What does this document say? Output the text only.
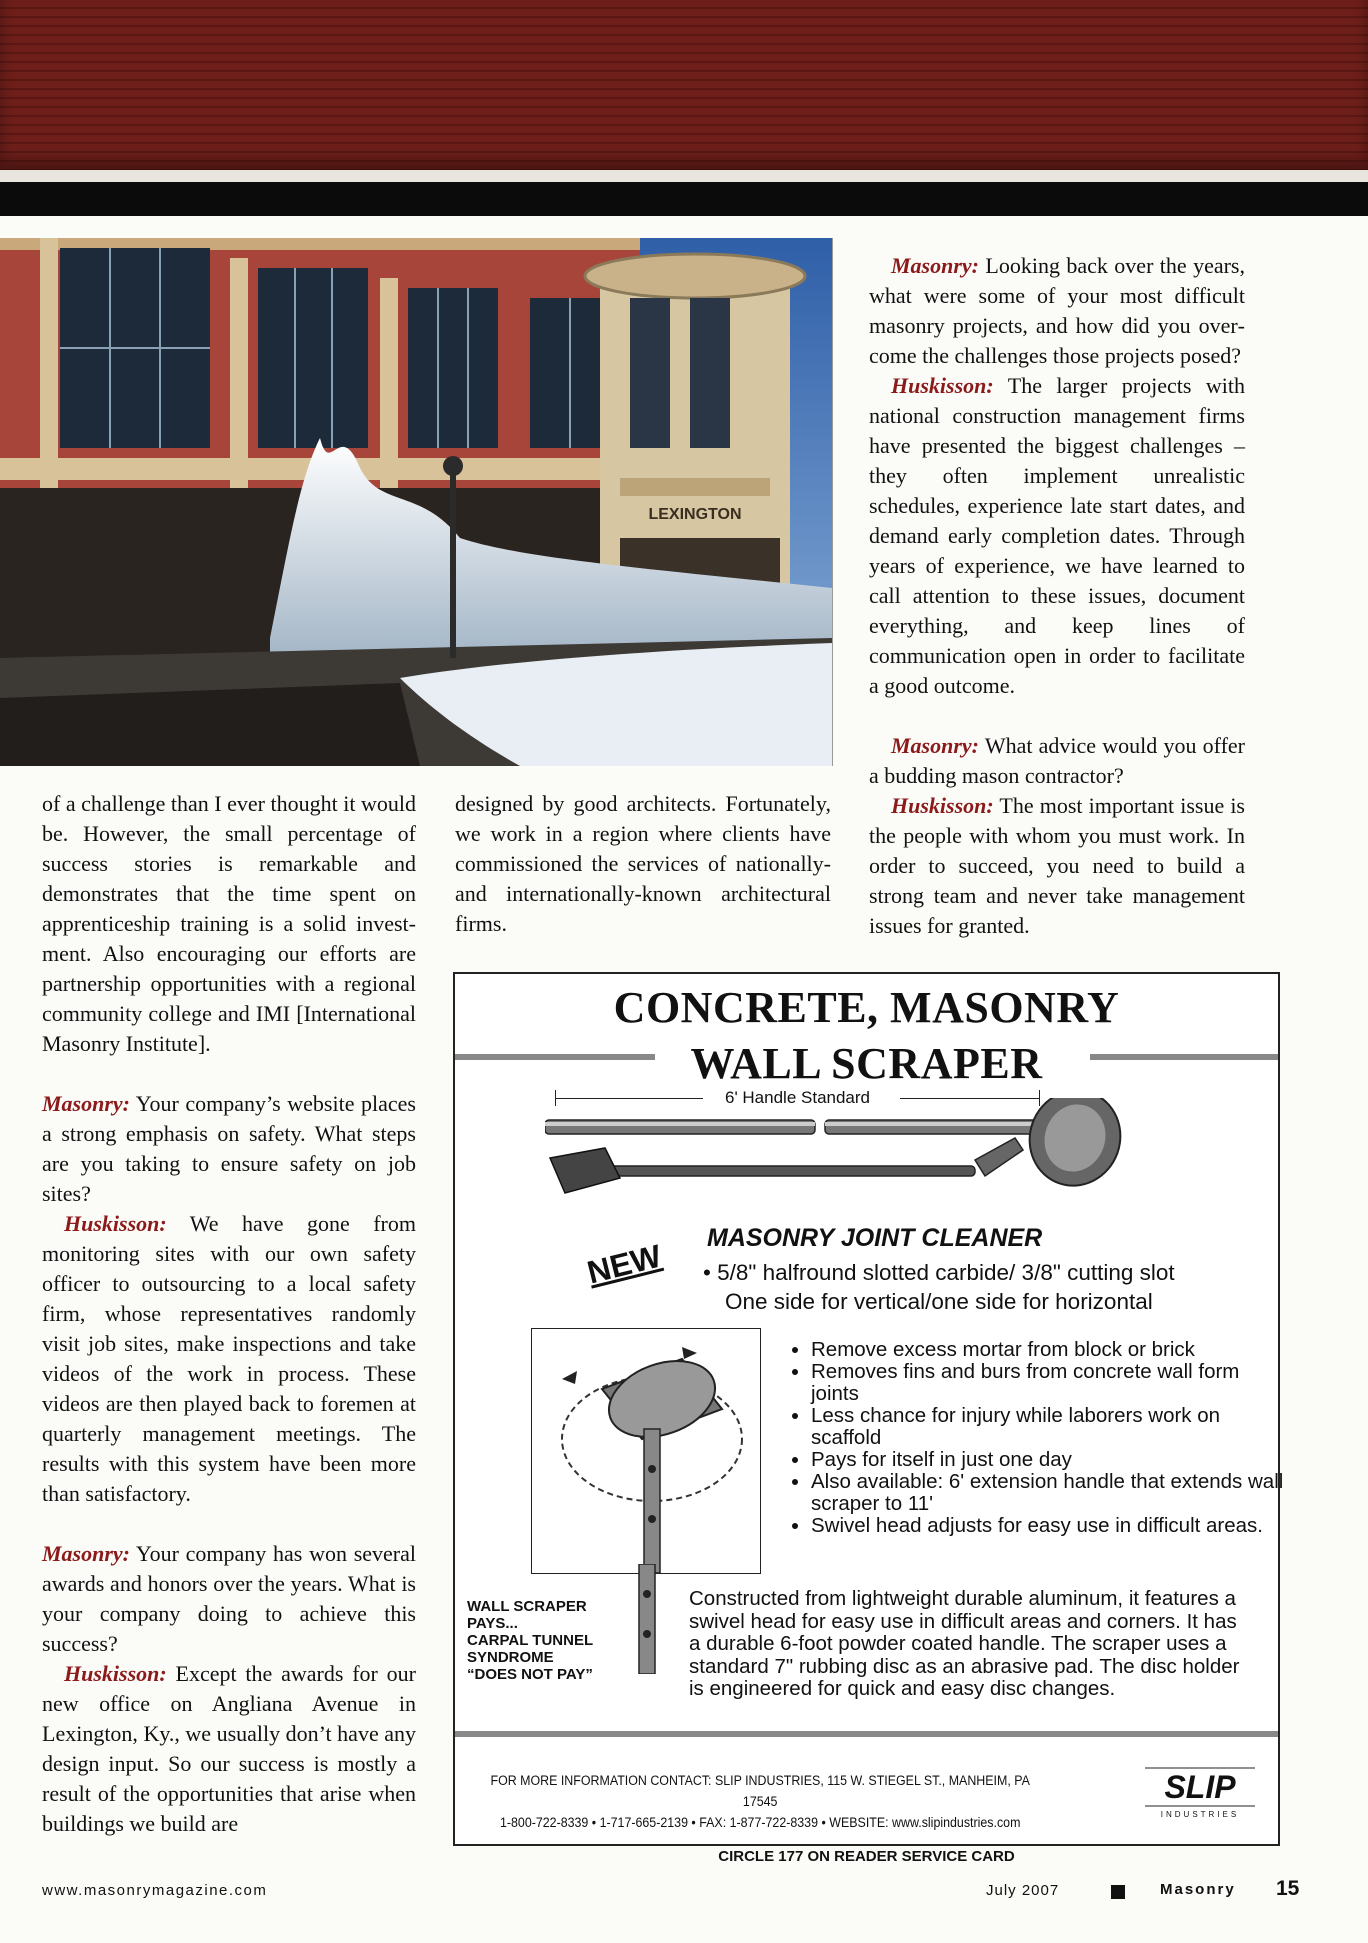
LEXINGTON

of a challenge than I ever thought it would be. However, the small percentage of success stories is remarkable and demonstrates that the time spent on apprenticeship training is a solid investment. Also encouraging our efforts are partnership opportunities with a regional community college and IMI [International Masonry Institute].

Masonry: Your company’s website places a strong emphasis on safety. What steps are you taking to ensure safety on job sites?

 Huskisson: We have gone from monitoring sites with our own safety officer to outsourcing to a local safety firm, whose representatives randomly visit job sites, make inspections and take videos of the work in process. These videos are then played back to foremen at quarterly management meetings. The results with this system have been more than satisfactory.

Masonry: Your company has won several awards and honors over the years. What is your company doing to achieve this success?

 Huskisson: Except the awards for our new office on Angliana Avenue in Lexington, Ky., we usually don’t have any design input. So our success is mostly a result of the opportunities that arise when buildings we build are

designed by good architects. Fortunately, we work in a region where clients have commissioned the services of nationally- and internationally-known architectural firms.

 Masonry: Looking back over the years, what were some of your most difficult masonry projects, and how did you overcome the challenges those projects posed?

 Huskisson: The larger projects with national construction management firms have presented the biggest challenges – they often implement unrealistic schedules, experience late start dates, and demand early completion dates. Through years of experience, we have learned to call attention to these issues, document everything, and keep lines of communication open in order to facilitate a good outcome.

 Masonry: What advice would you offer a budding mason contractor?

 Huskisson: The most important issue is the people with whom you must work. In order to succeed, you need to build a strong team and never take management issues for granted.

CONCRETE, MASONRY
WALL SCRAPER
6' Handle Standard
NEW MASONRY JOINT CLEANER
• 5/8" halfround slotted carbide/ 3/8" cutting slot
One side for vertical/one side for horizontal
• Remove excess mortar from block or brick
• Removes fins and burs from concrete wall form joints
• Less chance for injury while laborers work on scaffold
• Pays for itself in just one day
• Also available: 6' extension handle that extends wall scraper to 11'
• Swivel head adjusts for easy use in difficult areas.
WALL SCRAPER
PAYS...
CARPAL TUNNEL
SYNDROME
“DOES NOT PAY”
Constructed from lightweight durable aluminum, it features a swivel head for easy use in difficult areas and corners. It has a durable 6-foot powder coated handle. The scraper uses a standard 7" rubbing disc as an abrasive pad. The disc holder is engineered for quick and easy disc changes.
FOR MORE INFORMATION CONTACT: SLIP INDUSTRIES, 115 W. STIEGEL ST., MANHEIM, PA 17545
1-800-722-8339 • 1-717-665-2139 • FAX: 1-877-722-8339 • WEBSITE: www.slipindustries.com
SLIP
INDUSTRIES
CIRCLE 177 ON READER SERVICE CARD
www.masonrymagazine.com	July 2007	Masonry 15
